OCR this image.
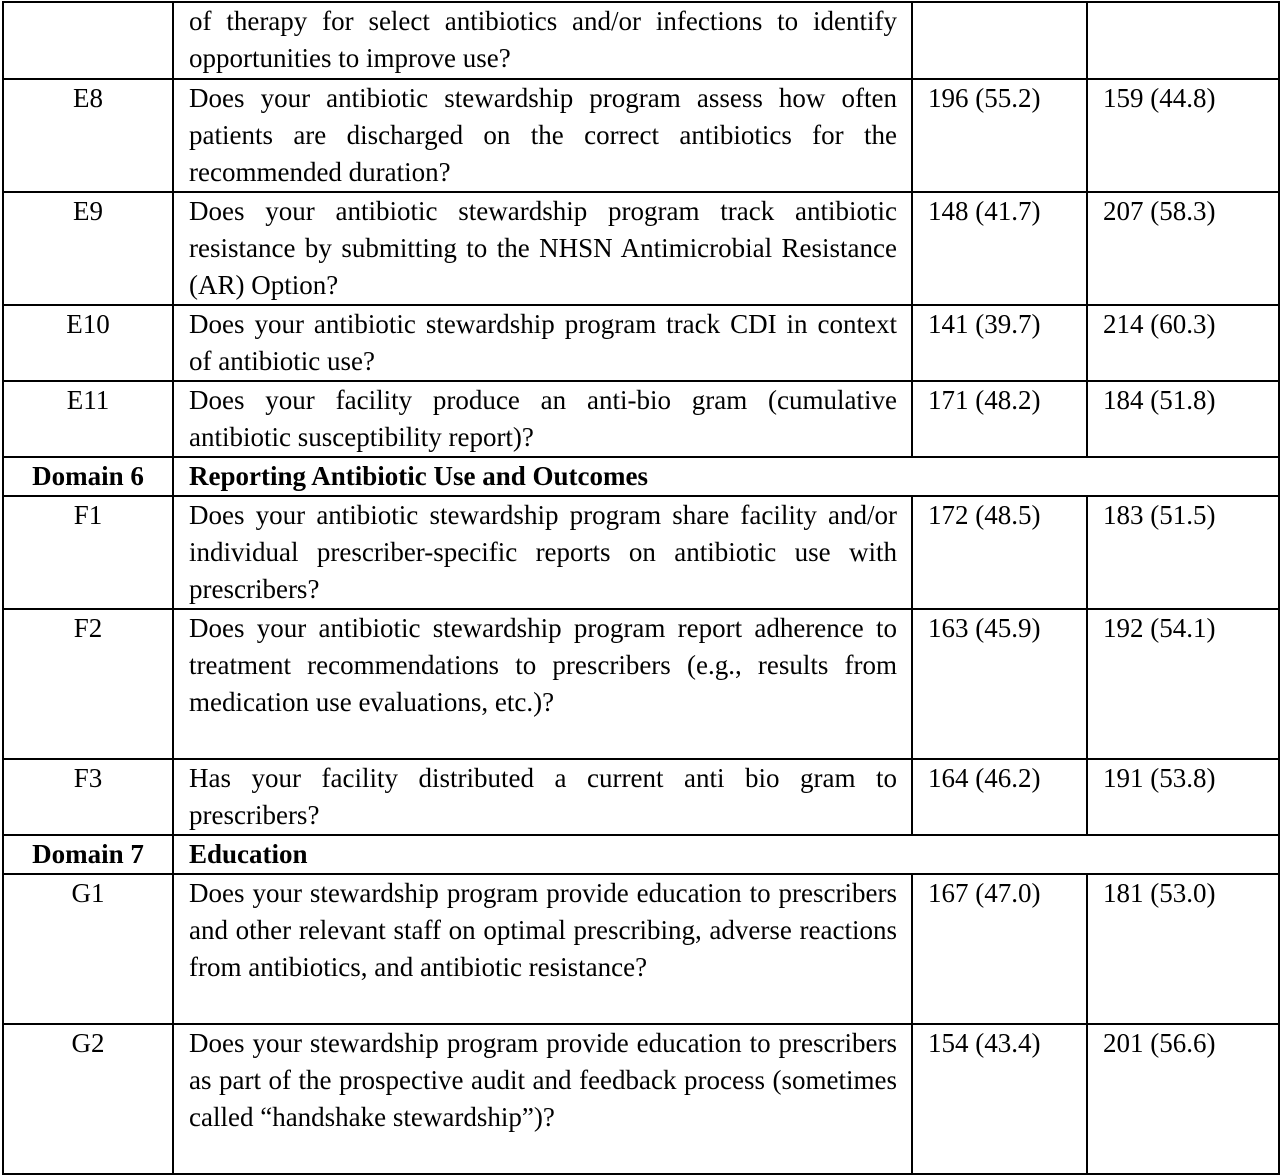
	of therapy for select antibiotics and/or infections to identify opportunities to improve use?		

E8	Does your antibiotic stewardship program assess how often patients are discharged on the correct antibiotics for the recommended duration?	196 (55.2)	159 (44.8)
E9	Does your antibiotic stewardship program track antibiotic resistance by submitting to the NHSN Antimicrobial Resistance (AR) Option?	148 (41.7)	207 (58.3)
E10	Does your antibiotic stewardship program track CDI in context of antibiotic use?	141 (39.7)	214 (60.3)
E11	Does your facility produce an anti-bio gram (cumulative antibiotic susceptibility report)?	171 (48.2)	184 (51.8)
Domain 6	Reporting Antibiotic Use and Outcomes		
F1	Does your antibiotic stewardship program share facility and/or individual prescriber-specific reports on antibiotic use with prescribers?	172 (48.5)	183 (51.5)
F2	Does your antibiotic stewardship program report adherence to treatment recommendations to prescribers (e.g., results from medication use evaluations, etc.)?	163 (45.9)	192 (54.1)
F3	Has your facility distributed a current anti bio gram to prescribers?	164 (46.2)	191 (53.8)
Domain 7	Education		
G1	Does your stewardship program provide education to prescribers and other relevant staff on optimal prescribing, adverse reactions from antibiotics, and antibiotic resistance?	167 (47.0)	181 (53.0)
G2	Does your stewardship program provide education to prescribers as part of the prospective audit and feedback process (sometimes called “handshake stewardship”)?	154 (43.4)	201 (56.6)
